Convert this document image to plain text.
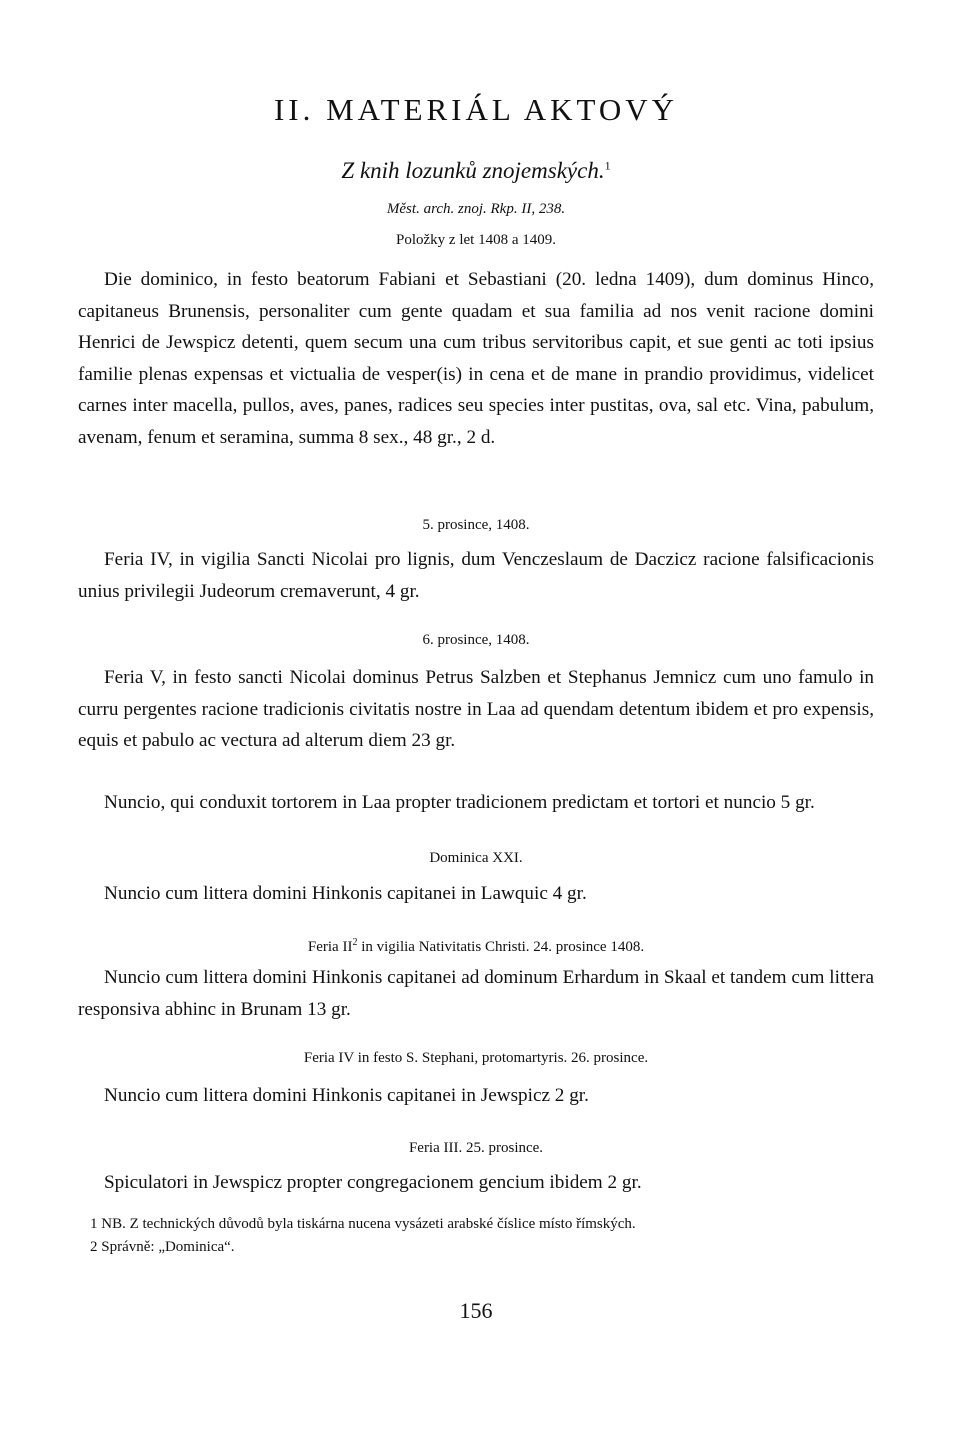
II. MATERIÁL AKTOVÝ
Z knih lozunků znojemských.$^1$
Měst. arch. znoj. Rkp. II, 238.
Položky z let 1408 a 1409.

Die dominico, in festo beatorum Fabiani et Sebastiani (20. ledna 1409), dum dominus Hinco, capitaneus Brunensis, personaliter cum gente quadam et sua familia ad nos venit racione domini Henrici de Jewspicz detenti, quem secum una cum tribus servitoribus capit, et sue genti ac toti ipsius familie plenas expensas et victualia de vesper(is) in cena et de mane in prandio providimus, videlicet carnes inter macella, pullos, aves, panes, radices seu species inter pustitas, ova, sal etc. Vina, pabulum, avenam, fenum et seramina, summa 8 sex., 48 gr., 2 d.

5. prosince, 1408.

Feria IV, in vigilia Sancti Nicolai pro lignis, dum Venczeslaum de Daczicz racione falsificacionis unius privilegii Judeorum cremaverunt, 4 gr.

6. prosince, 1408.

Feria V, in festo sancti Nicolai dominus Petrus Salzben et Stephanus Jemnicz cum uno famulo in curru pergentes racione tradicionis civitatis nostre in Laa ad quendam detentum ibidem et pro expensis, equis et pabulo ac vectura ad alterum diem 23 gr.

Nuncio, qui conduxit tortorem in Laa propter tradicionem predictam et tortori et nuncio 5 gr.

Dominica XXI.

Nuncio cum littera domini Hinkonis capitanei in Lawquic 4 gr.

Feria $II^2$ in vigilia Nativitatis Christi. 24. prosince 1408.

Nuncio cum littera domini Hinkonis capitanei ad dominum Erhardum in Skaal et tandem cum littera responsiva abhinc in Brunam 13 gr.

Feria IV in festo S. Stephani, protomartyris. 26. prosince.

Nuncio cum littera domini Hinkonis capitanei in Jewspicz 2 gr.

Feria III. 25. prosince.

Spiculatori in Jewspicz propter congregacionem gencium ibidem 2 gr.

156
1 NB. Z technických důvodů byla tiskárna nucena vysázeti arabské číslice místo římských.
2 Správně: „Dominica“.
